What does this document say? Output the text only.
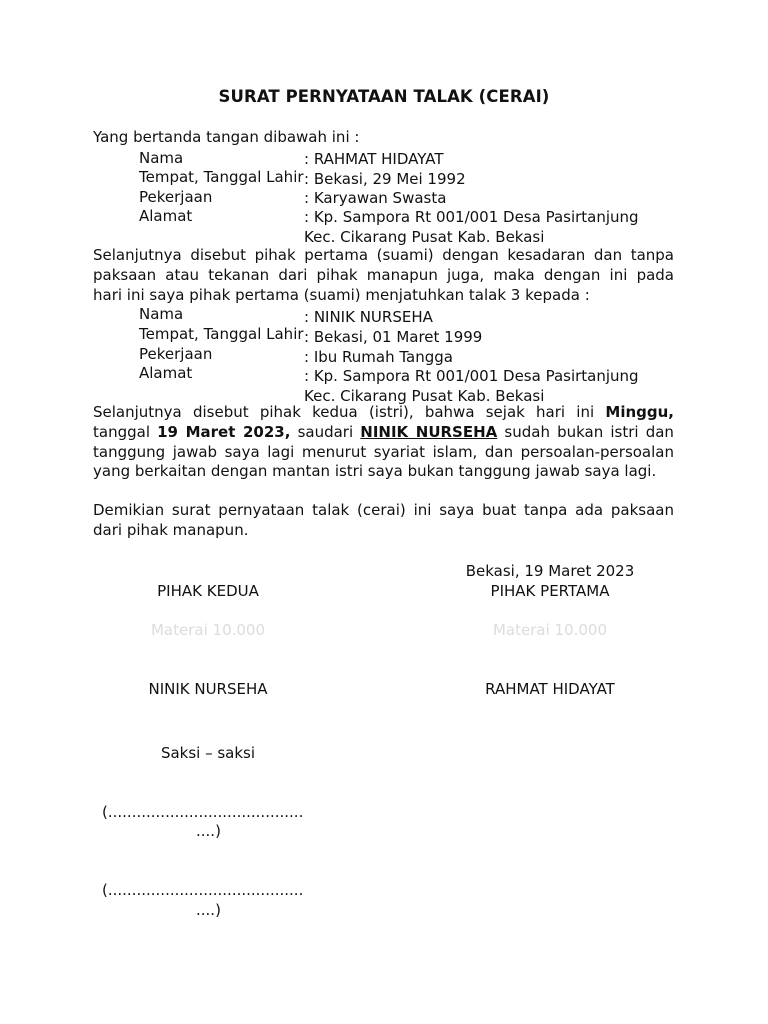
SURAT PERNYATAAN TALAK (CERAI)
Yang bertanda tangan dibawah ini :
Nama	: RAHMAT HIDAYAT
Tempat, Tanggal Lahir : Bekasi, 29 Mei 1992
Pekerjaan	: Karyawan Swasta
Alamat	: Kp. Sampora Rt 001/001 Desa Pasirtanjung
Kec. Cikarang Pusat Kab. Bekasi
Selanjutnya disebut pihak pertama (suami) dengan kesadaran dan tanpa
paksaan atau tekanan dari pihak manapun juga, maka dengan ini pada
hari ini saya pihak pertama (suami) menjatuhkan talak 3 kepada :
Nama	: NINIK NURSEHA
Tempat, Tanggal Lahir : Bekasi, 01 Maret 1999
Pekerjaan	: Ibu Rumah Tangga
Alamat	: Kp. Sampora Rt 001/001 Desa Pasirtanjung
Kec. Cikarang Pusat Kab. Bekasi
Selanjutnya disebut pihak kedua (istri), bahwa sejak hari ini Minggu,
tanggal 19 Maret 2023, saudari NINIK NURSEHA sudah bukan istri dan
tanggung jawab saya lagi menurut syariat islam, dan persoalan-persoalan
yang berkaitan dengan mantan istri saya bukan tanggung jawab saya lagi.
Demikian surat pernyataan talak (cerai) ini saya buat tanpa ada paksaan
dari pihak manapun.
Bekasi, 19 Maret 2023
PIHAK KEDUA	PIHAK PERTAMA
Materai 10.000	Materai 10.000
NINIK NURSEHA	RAHMAT HIDAYAT
Saksi – saksi
(.........................................
....)
(.........................................
....)
